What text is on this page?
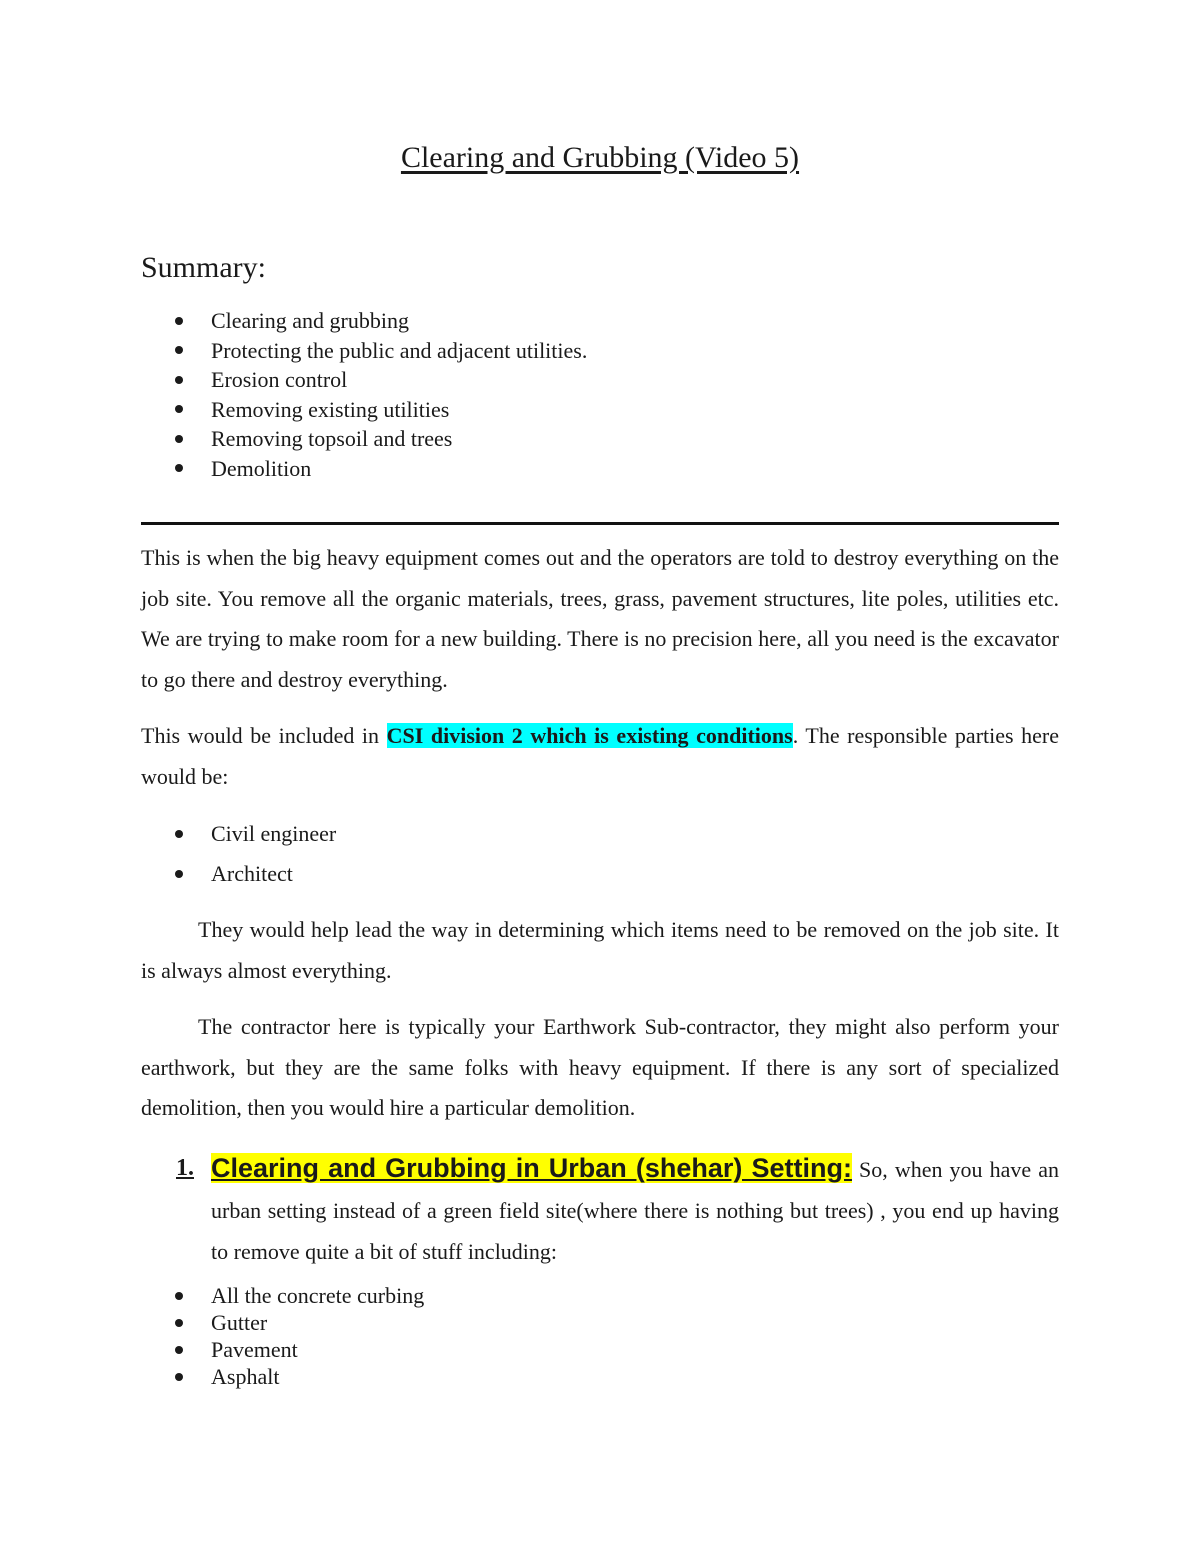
Clearing and Grubbing (Video 5)
Summary:
Clearing and grubbing
Protecting the public and adjacent utilities.
Erosion control
Removing existing utilities
Removing topsoil and trees
Demolition

This is when the big heavy equipment comes out and the operators are told to destroy everything on the job site. You remove all the organic materials, trees, grass, pavement structures, lite poles, utilities etc. We are trying to make room for a new building. There is no precision here, all you need is the excavator to go there and destroy everything.

This would be included in CSI division 2 which is existing conditions. The responsible parties here would be:

Civil engineer
Architect

They would help lead the way in determining which items need to be removed on the job site. It is always almost everything.

The contractor here is typically your Earthwork Sub-contractor, they might also perform your earthwork, but they are the same folks with heavy equipment. If there is any sort of specialized demolition, then you would hire a particular demolition.

1. Clearing and Grubbing in Urban (shehar) Setting: So, when you have an urban setting instead of a green field site(where there is nothing but trees) , you end up having to remove quite a bit of stuff including:

All the concrete curbing
Gutter
Pavement
Asphalt
